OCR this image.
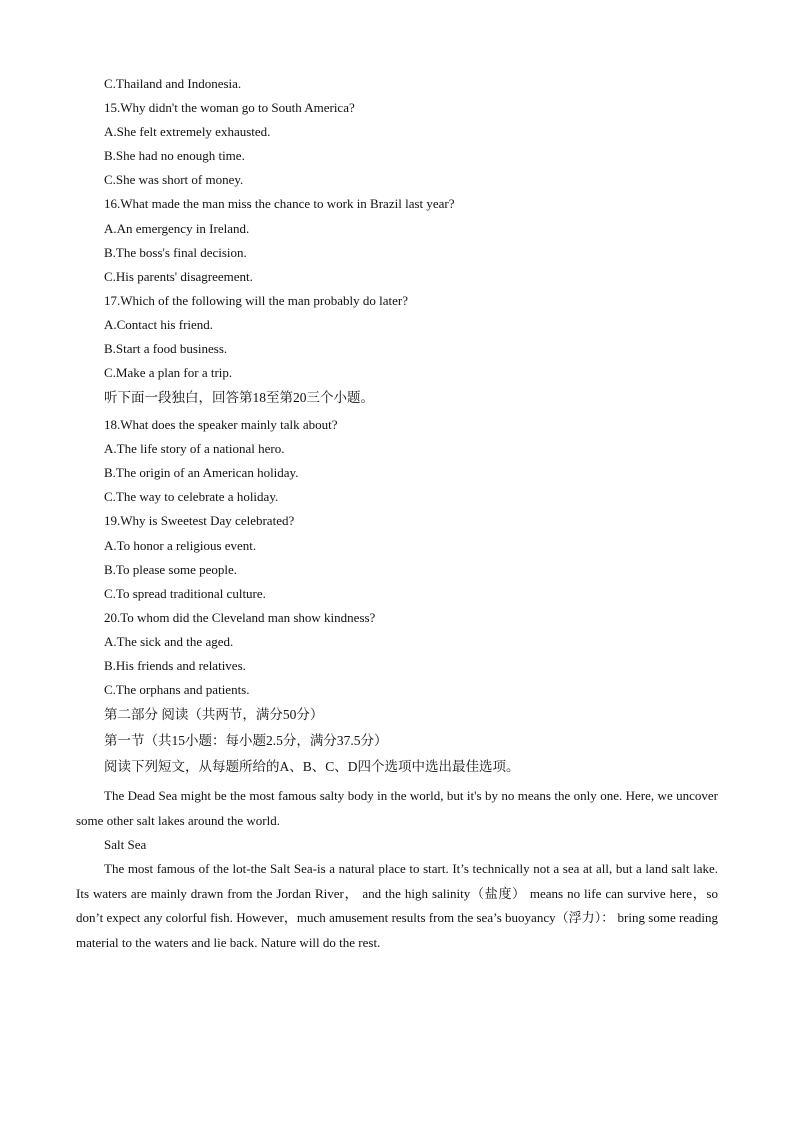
C.Thailand and Indonesia.
15.Why didn't the woman go to South America?
A.She felt extremely exhausted.
B.She had no enough time.
C.She was short of money.
16.What made the man miss the chance to work in Brazil last year?
A.An emergency in Ireland.
B.The boss's final decision.
C.His parents' disagreement.
17.Which of the following will the man probably do later?
A.Contact his friend.
B.Start a food business.
C.Make a plan for a trip.
听下面一段独白，回答第18至第20三个小题。
18.What does the speaker mainly talk about?
A.The life story of a national hero.
B.The origin of an American holiday.
C.The way to celebrate a holiday.
19.Why is Sweetest Day celebrated?
A.To honor a religious event.
B.To please some people.
C.To spread traditional culture.
20.To whom did the Cleveland man show kindness?
A.The sick and the aged.
B.His friends and relatives.
C.The orphans and patients.
第二部分 阅读（共两节，满分50分）
第一节（共15小题：每小题2.5分，满分37.5分）
阅读下列短文，从每题所给的A、B、C、D四个选项中选出最佳选项。
The Dead Sea might be the most famous salty body in the world, but it's by no means the only one. Here, we uncover some other salt lakes around the world.
Salt Sea
The most famous of the lot-the Salt Sea-is a natural place to start. It’s technically not a sea at all, but a land salt lake. Its waters are mainly drawn from the Jordan River， and the high salinity（盐度） means no life can survive here，so don’t expect any colorful fish. However，much amusement results from the sea’s buoyancy（浮力）： bring some reading material to the waters and lie back. Nature will do the rest.
